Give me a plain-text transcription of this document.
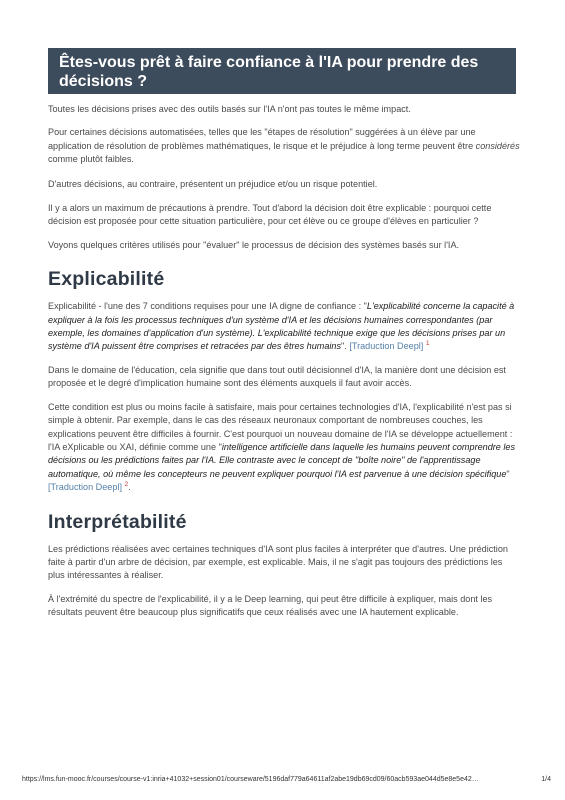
Êtes-vous prêt à faire confiance à l'IA pour prendre des décisions ?

Toutes les décisions prises avec des outils basés sur l'IA n'ont pas toutes le même impact.

Pour certaines décisions automatisées, telles que les "étapes de résolution" suggérées à un élève par une application de résolution de problèmes mathématiques, le risque et le préjudice à long terme peuvent être considérés comme plutôt faibles.

D'autres décisions, au contraire, présentent un préjudice et/ou un risque potentiel.

Il y a alors un maximum de précautions à prendre. Tout d'abord la décision doit être explicable : pourquoi cette décision est proposée pour cette situation particulière, pour cet élève ou ce groupe d'élèves en particulier ?

Voyons quelques critères utilisés pour "évaluer" le processus de décision des systèmes basés sur l'IA.

Explicabilité

Explicabilité - l'une des 7 conditions requises pour une IA digne de confiance : "L'explicabilité concerne la capacité à expliquer à la fois les processus techniques d'un système d'IA et les décisions humaines correspondantes (par exemple, les domaines d'application d'un système). L'explicabilité technique exige que les décisions prises par un système d'IA puissent être comprises et retracées par des êtres humains". [Traduction Deepl] $^1$

Dans le domaine de l'éducation, cela signifie que dans tout outil décisionnel d'IA, la manière dont une décision est proposée et le degré d'implication humaine sont des éléments auxquels il faut avoir accès.

Cette condition est plus ou moins facile à satisfaire, mais pour certaines technologies d'IA, l'explicabilité n'est pas si simple à obtenir. Par exemple, dans le cas des réseaux neuronaux comportant de nombreuses couches, les explications peuvent être difficiles à fournir. C'est pourquoi un nouveau domaine de l'IA se développe actuellement : l'IA eXplicable ou XAI, définie comme une "intelligence artificielle dans laquelle les humains peuvent comprendre les décisions ou les prédictions faites par l'IA. Elle contraste avec le concept de "boîte noire" de l'apprentissage automatique, où même les concepteurs ne peuvent expliquer pourquoi l'IA est parvenue à une décision spécifique" [Traduction Deepl] $^2$.

Interprétabilité

Les prédictions réalisées avec certaines techniques d'IA sont plus faciles à interpréter que d'autres. Une prédiction faite à partir d'un arbre de décision, par exemple, est explicable. Mais, il ne s'agit pas toujours des prédictions les plus intéressantes à réaliser.

À l'extrémité du spectre de l'explicabilité, il y a le Deep learning, qui peut être difficile à expliquer, mais dont les résultats peuvent être beaucoup plus significatifs que ceux réalisés avec une IA hautement explicable.

https://lms.fun-mooc.fr/courses/course-v1:inria+41032+session01/courseware/5196daf779a64611af2abe19db69cd09/60acb593ae044d5e8e5e42…	1/4
